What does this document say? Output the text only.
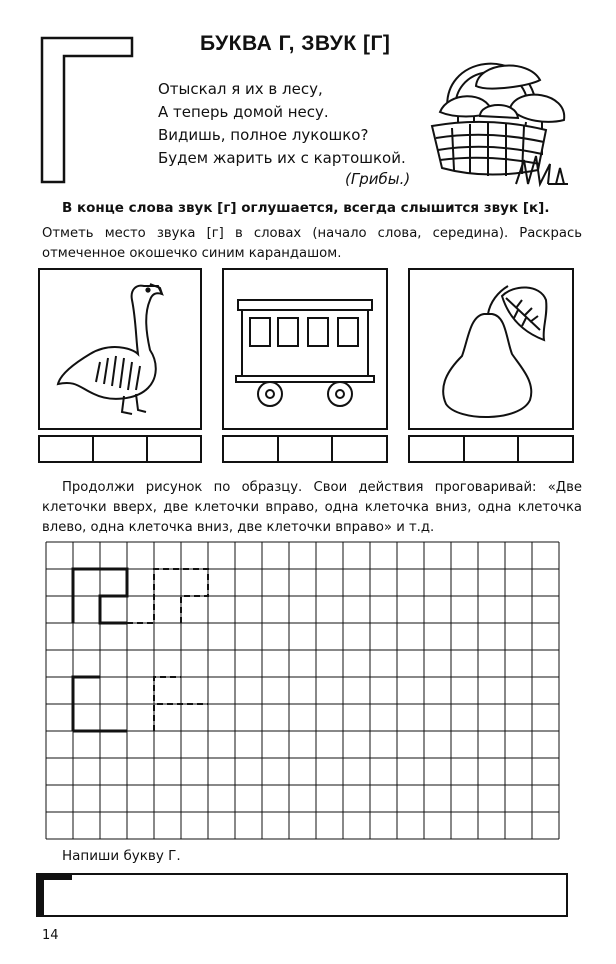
БУКВА Г, ЗВУК [Г]
Отыскал я их в лесу,
А теперь домой несу.
Видишь, полное лукошко?
Будем жарить их с картошкой.
(Грибы.)
В конце слова звук [г] оглушается, всегда слышится звук [к].
Отметь место звука [г] в словах (начало слова, середина). Раскрась отмеченное окошечко синим карандашом.
Продолжи рисунок по образцу. Свои действия проговаривай: «Две клеточки вверх, две клеточки вправо, одна клеточка вниз, одна клеточка влево, одна клеточка вниз, две клеточки вправо» и т.д.
Напиши букву Г.
14
